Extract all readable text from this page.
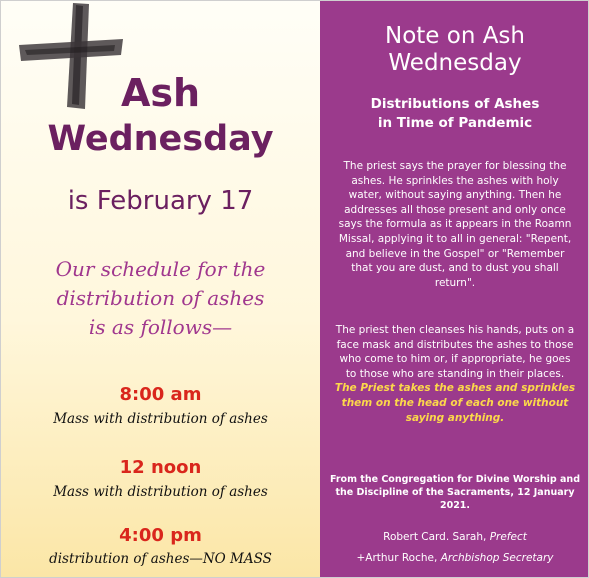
Ash
Wednesday
is February 17
Our schedule for the
distribution of ashes
is as follows—
8:00 am
Mass with distribution of ashes
12 noon
Mass with distribution of ashes
4:00 pm
distribution of ashes—NO MASS
Note on Ash
Wednesday
Distributions of Ashes
in Time of Pandemic
The priest says the prayer for blessing the ashes. He sprinkles the ashes with holy water, without saying anything. Then he addresses all those present and only once says the formula as it appears in the Roamn Missal, applying it to all in general: "Repent, and believe in the Gospel" or "Remember that you are dust, and to dust you shall return".
The priest then cleanses his hands, puts on a face mask and distributes the ashes to those who come to him or, if appropriate, he goes to those who are standing in their places. The Priest takes the ashes and sprinkles them on the head of each one without saying anything.
From the Congregation for Divine Worship and the Discipline of the Sacraments, 12 January 2021.
Robert Card. Sarah, Prefect
+Arthur Roche, Archbishop Secretary
